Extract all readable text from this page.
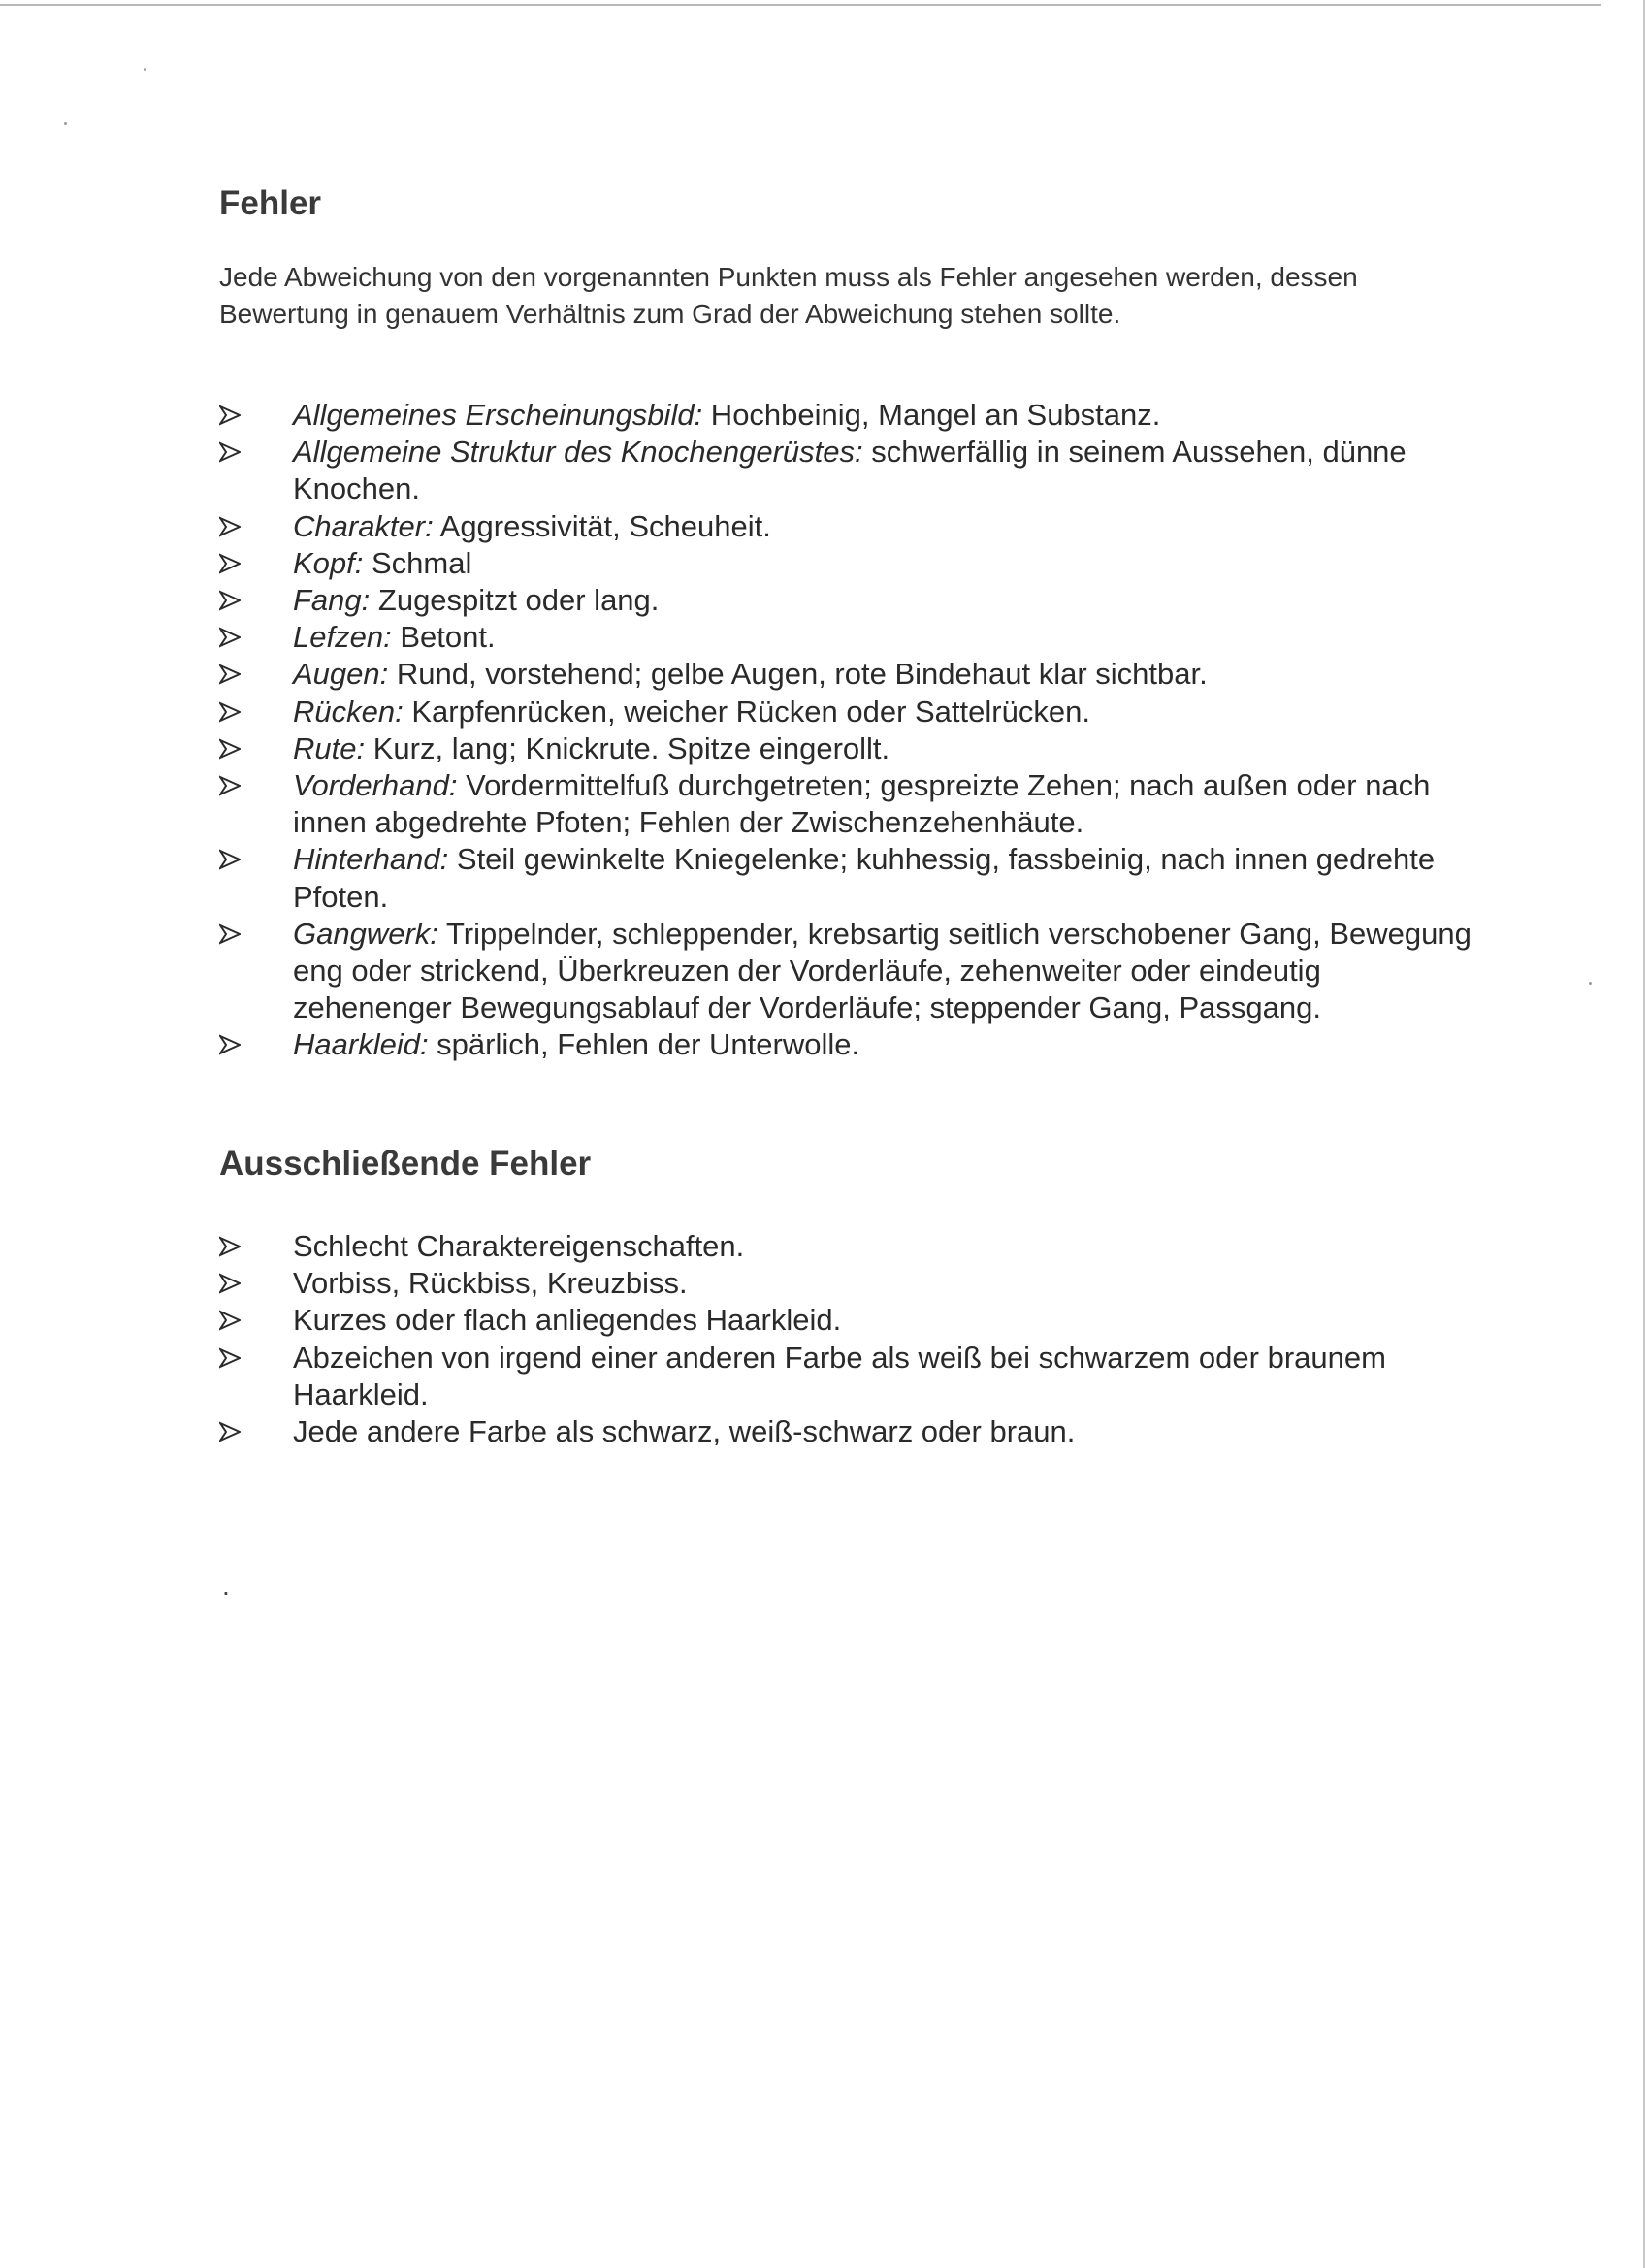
Fehler
Jede Abweichung von den vorgenannten Punkten muss als Fehler angesehen werden, dessen Bewertung in genauem Verhältnis zum Grad der Abweichung stehen sollte.
Allgemeines Erscheinungsbild: Hochbeinig, Mangel an Substanz.
Allgemeine Struktur des Knochengerüstes: schwerfällig in seinem Aussehen, dünne Knochen.
Charakter: Aggressivität, Scheuheit.
Kopf: Schmal
Fang: Zugespitzt oder lang.
Lefzen: Betont.
Augen: Rund, vorstehend; gelbe Augen, rote Bindehaut klar sichtbar.
Rücken: Karpfenrücken, weicher Rücken oder Sattelrücken.
Rute: Kurz, lang; Knickrute. Spitze eingerollt.
Vorderhand: Vordermittelfuß durchgetreten; gespreizte Zehen; nach außen oder nach innen abgedrehte Pfoten; Fehlen der Zwischenzehenhäute.
Hinterhand: Steil gewinkelte Kniegelenke; kuhhessig, fassbeinig, nach innen gedrehte Pfoten.
Gangwerk: Trippelnder, schleppender, krebsartig seitlich verschobener Gang, Bewegung eng oder strickend, Überkreuzen der Vorderläufe, zehenweiter oder eindeutig zehenenger Bewegungsablauf der Vorderläufe; steppender Gang, Passgang.
Haarkleid: spärlich, Fehlen der Unterwolle.
Ausschließende Fehler
Schlecht Charaktereigenschaften.
Vorbiss, Rückbiss, Kreuzbiss.
Kurzes oder flach anliegendes Haarkleid.
Abzeichen von irgend einer anderen Farbe als weiß bei schwarzem oder braunem Haarkleid.
Jede andere Farbe als schwarz, weiß-schwarz oder braun.
.
